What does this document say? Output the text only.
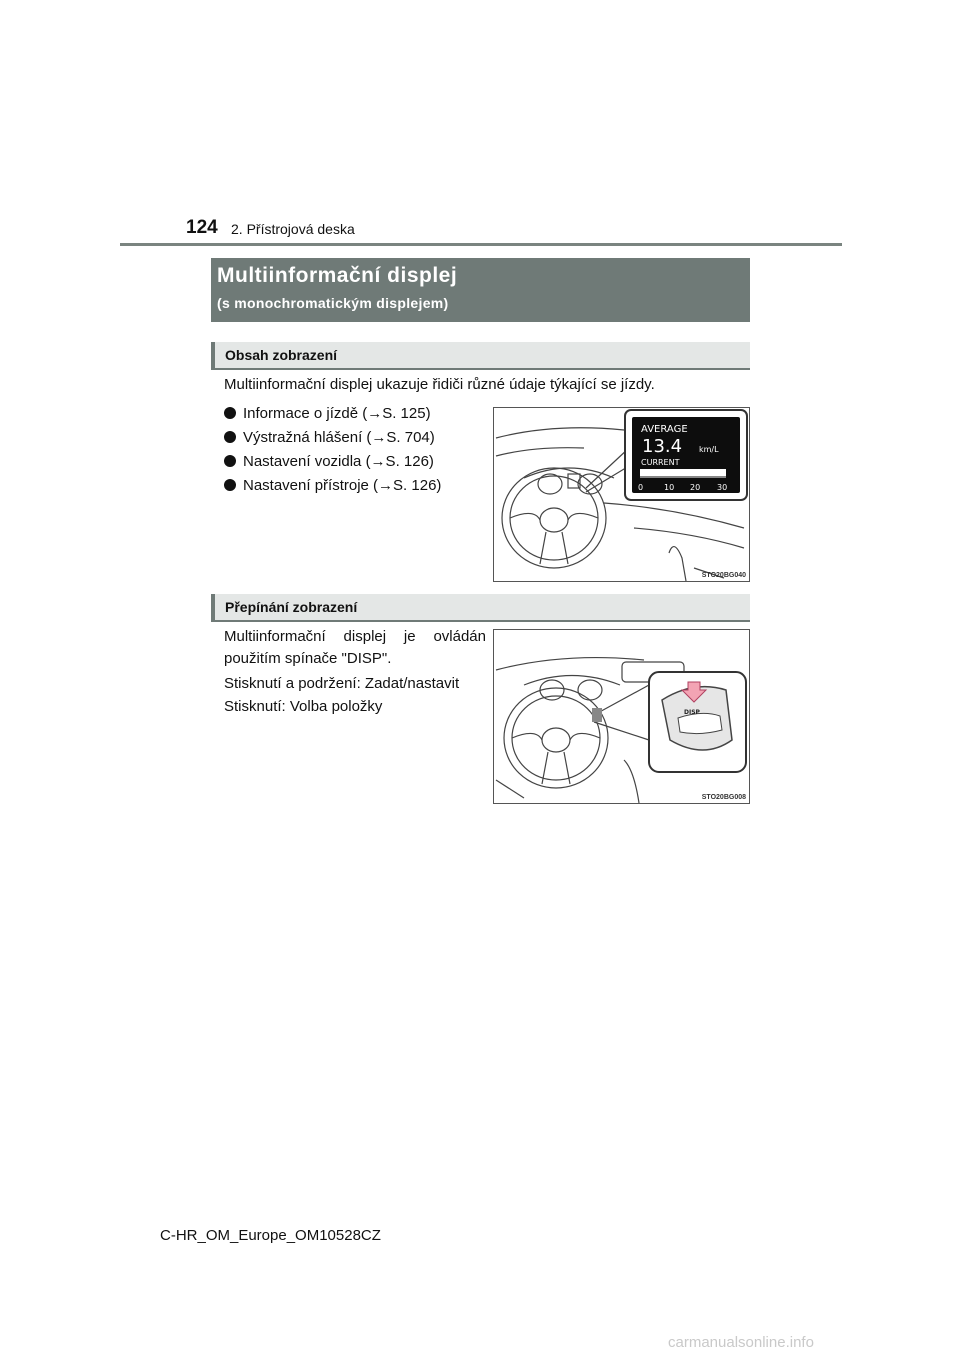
124 2. Přístrojová deska
Multiinformační displej
(s monochromatickým displejem)
Obsah zobrazení
Multiinformační displej ukazuje řidiči různé údaje týkající se jízdy.
Informace o jízdě (→S. 125)
Výstražná hlášení (→S. 704)
Nastavení vozidla (→S. 126)
Nastavení přístroje (→S. 126)
AVERAGE
13.4 km/L
CURRENT
0	10 20 30
STO20BG040
Přepínání zobrazení
Multiinformační displej je ovládán použitím spínače "DISP".
Stisknutí a podržení: Zadat/nastavit
Stisknutí: Volba položky	DISP
STO20BG008
C-HR_OM_Europe_OM10528CZ
carmanualsonline.info
